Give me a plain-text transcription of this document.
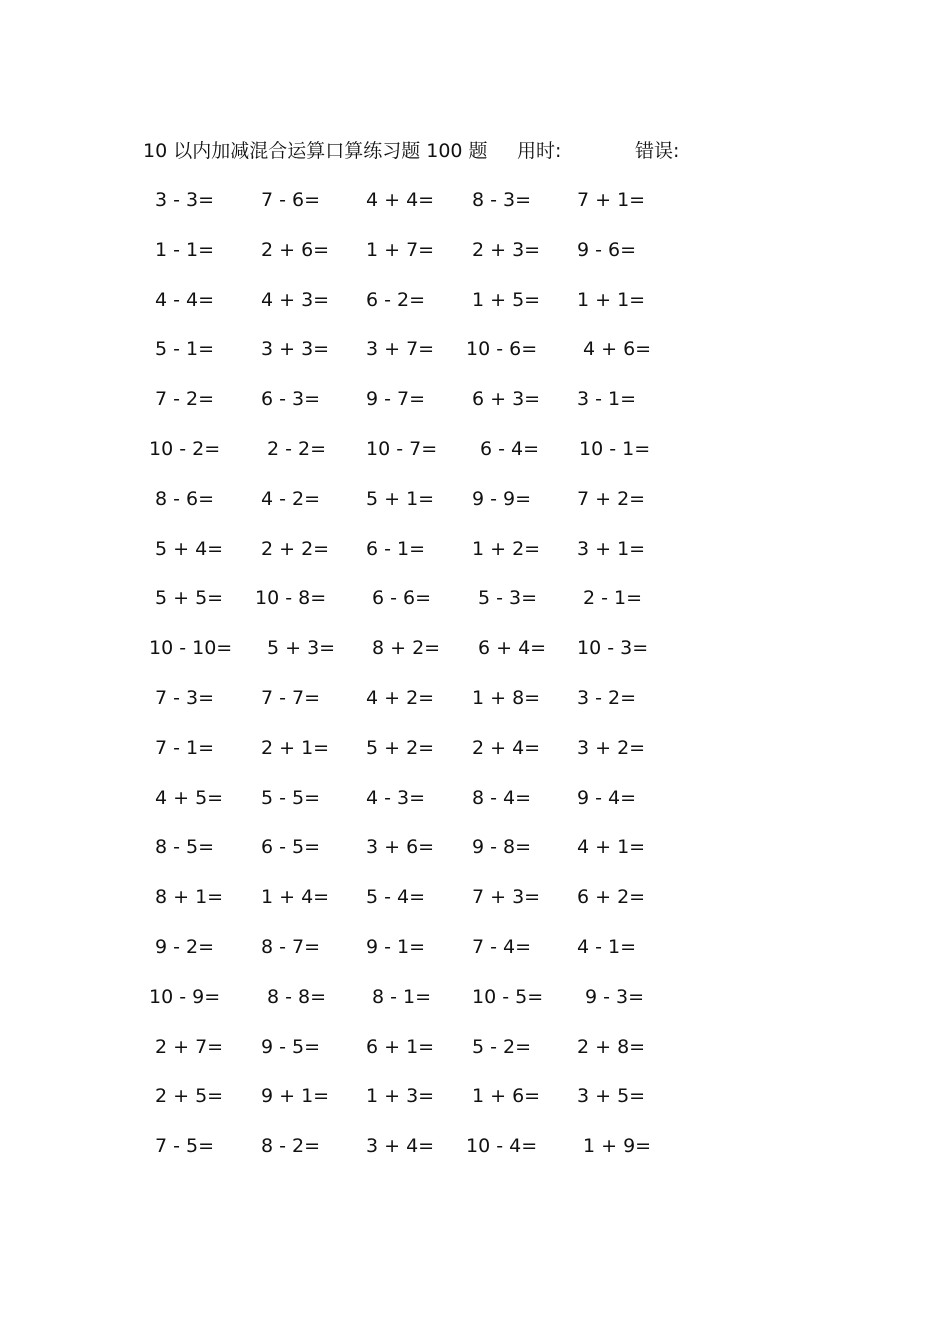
10 以内加减混合运算口算练习题 100 题 用时:	错误:
3 - 3= 7 - 6= 4 + 4= 8 - 3= 7 + 1=
1 - 1= 2 + 6= 1 + 7= 2 + 3= 9 - 6=
4 - 4= 4 + 3= 6 - 2= 1 + 5= 1 + 1=
5 - 1= 3 + 3= 3 + 7= 10 - 6= 4 + 6=
7 - 2= 6 - 3= 9 - 7= 6 + 3= 3 - 1=
10 - 2= 2 - 2= 10 - 7= 6 - 4= 10 - 1=
8 - 6= 4 - 2= 5 + 1= 9 - 9= 7 + 2=
5 + 4= 2 + 2= 6 - 1= 1 + 2= 3 + 1=
5 + 5= 10 - 8= 6 - 6= 5 - 3= 2 - 1=
10 - 10= 5 + 3= 8 + 2= 6 + 4= 10 - 3=
7 - 3= 7 - 7= 4 + 2= 1 + 8= 3 - 2=
7 - 1= 2 + 1= 5 + 2= 2 + 4= 3 + 2=
4 + 5= 5 - 5= 4 - 3= 8 - 4= 9 - 4=
8 - 5= 6 - 5= 3 + 6= 9 - 8= 4 + 1=
8 + 1= 1 + 4= 5 - 4= 7 + 3= 6 + 2=
9 - 2= 8 - 7= 9 - 1= 7 - 4= 4 - 1=
10 - 9= 8 - 8= 8 - 1= 10 - 5= 9 - 3=
2 + 7= 9 - 5= 6 + 1= 5 - 2= 2 + 8=
2 + 5= 9 + 1= 1 + 3= 1 + 6= 3 + 5=
7 - 5= 8 - 2= 3 + 4= 10 - 4= 1 + 9=
